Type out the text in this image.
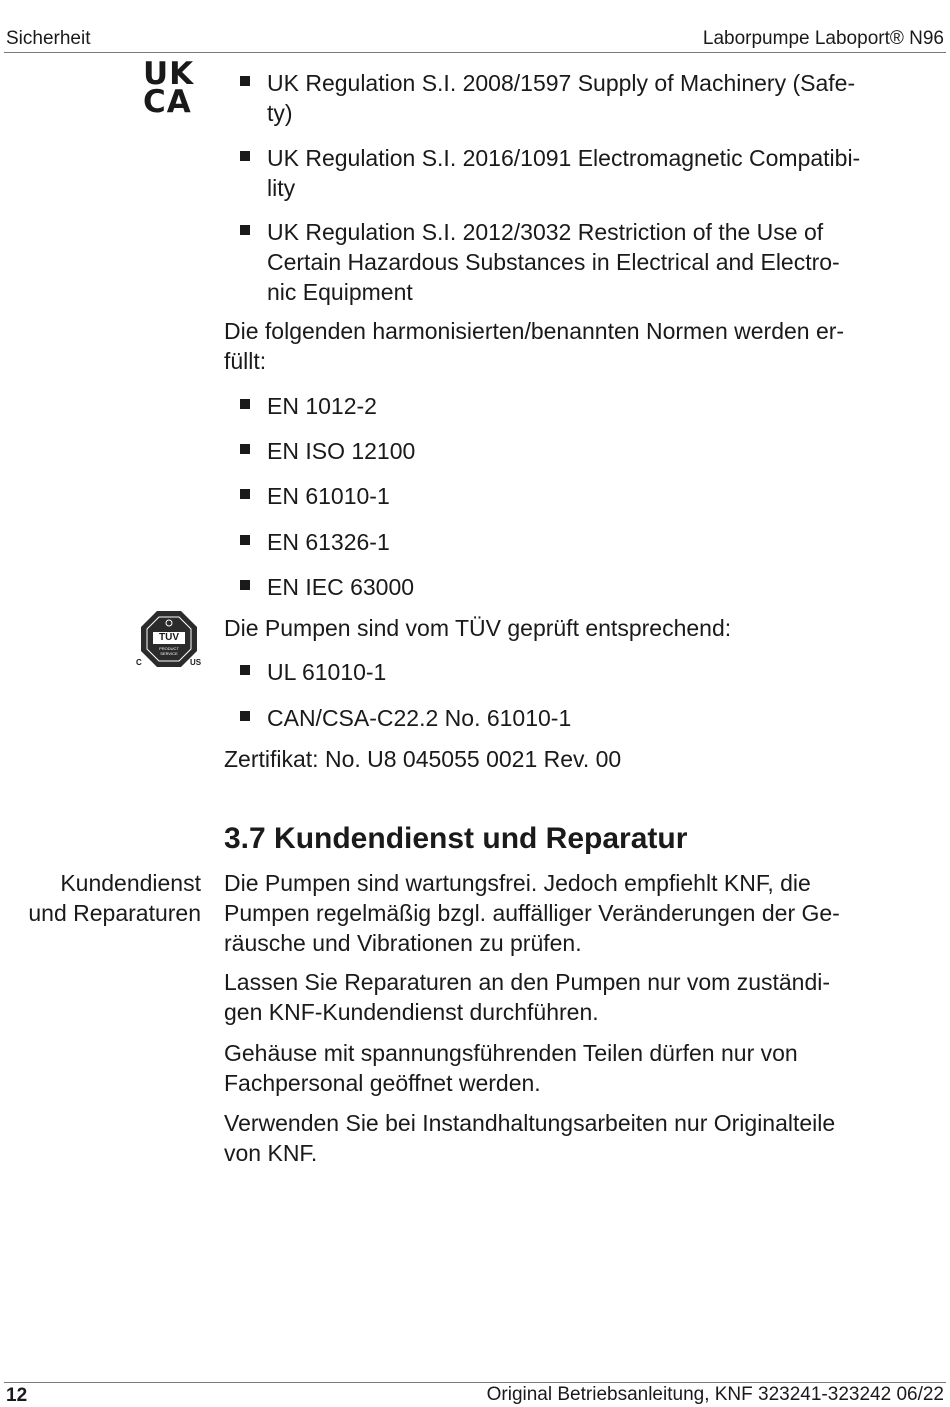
Sicherheit	Laborpumpe Laboport® N96
UK
CA
UK Regulation S.I. 2008/1597 Supply of Machinery (Safe-
ty)
UK Regulation S.I. 2016/1091 Electromagnetic Compatibi-
lity
UK Regulation S.I. 2012/3032 Restriction of the Use of
Certain Hazardous Substances in Electrical and Electro-
nic Equipment
Die folgenden harmonisierten/benannten Normen werden er-
füllt:
EN 1012-2
EN ISO 12100
EN 61010-1
EN 61326-1
EN IEC 63000
TÜV
PRODUCT SERVICE
C	US
Die Pumpen sind vom TÜV geprüft entsprechend:
UL 61010-1
CAN/CSA-C22.2 No. 61010-1
Zertifikat: No. U8 045055 0021 Rev. 00
3.7 Kundendienst und Reparatur
Kundendienst
und Reparaturen
Die Pumpen sind wartungsfrei. Jedoch empfiehlt KNF, die
Pumpen regelmäßig bzgl. auffälliger Veränderungen der Ge-
räusche und Vibrationen zu prüfen.
Lassen Sie Reparaturen an den Pumpen nur vom zuständi-
gen KNF-Kundendienst durchführen.
Gehäuse mit spannungsführenden Teilen dürfen nur von
Fachpersonal geöffnet werden.
Verwenden Sie bei Instandhaltungsarbeiten nur Originalteile
von KNF.
12	Original Betriebsanleitung, KNF 323241-323242 06/22
